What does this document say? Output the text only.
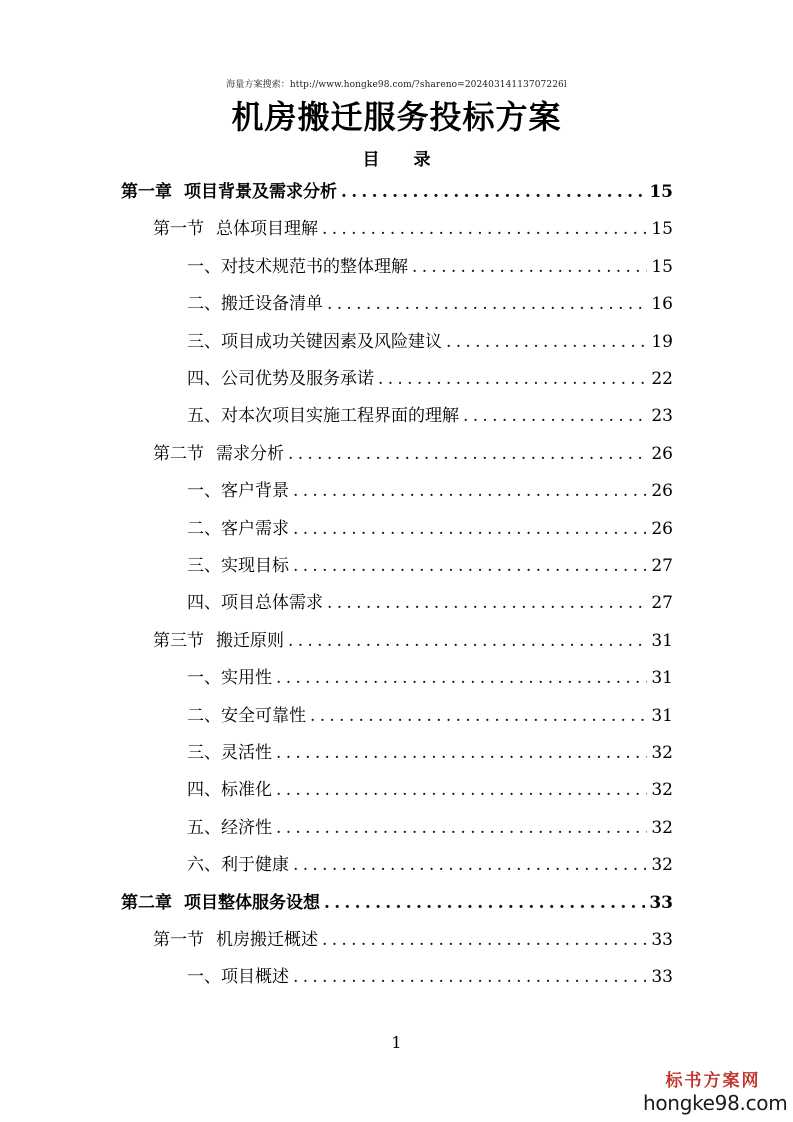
海量方案搜索：http://www.hongke98.com/?shareno=20240314113707226l
机房搬迁服务投标方案
目 录
第一章 项目背景及需求分析 .....	15
第一节 总体项目理解 .....	15
一、对技术规范书的整体理解 .....	15
二、搬迁设备清单 .....	16
三、项目成功关键因素及风险建议 .....	19
四、公司优势及服务承诺 .....	22
五、对本次项目实施工程界面的理解 .....	23
第二节 需求分析 .....	26
一、客户背景 .....	26
二、客户需求 .....	26
三、实现目标 .....	27
四、项目总体需求 .....	27
第三节 搬迁原则 .....	31
一、实用性 .....	31
二、安全可靠性 .....	31
三、灵活性 .....	32
四、标准化 .....	32
五、经济性 .....	32
六、利于健康 .....	32
第二章 项目整体服务设想 .....	33
第一节 机房搬迁概述 .....	33
一、项目概述 .....	33
1
标书方案网
hongke98.com
